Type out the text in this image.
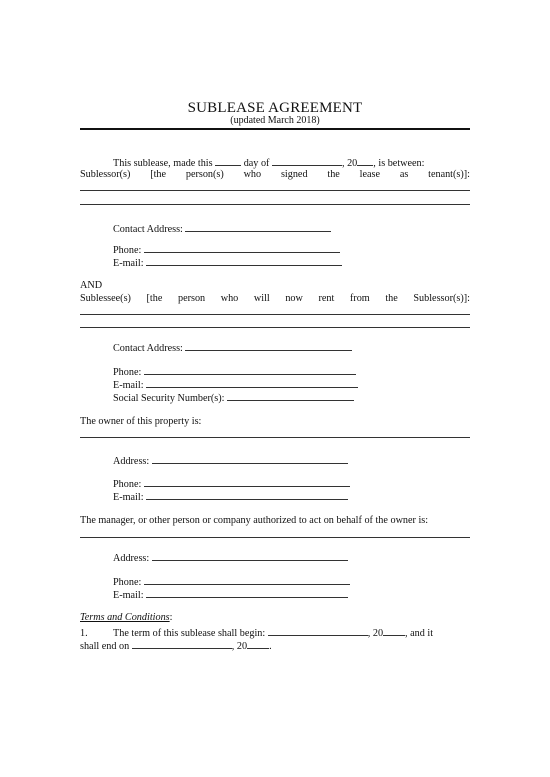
SUBLEASE AGREEMENT
(updated March 2018)
This sublease, made this	day of	, 20 , is between:
Sublessor(s) [the person(s) who signed the lease as tenant(s)]:
Contact Address:
Phone:
E-mail:
AND
Sublessee(s) [the person who will now rent from the Sublessor(s)]:
Contact Address:
Phone:
E-mail:
Social Security Number(s):
The owner of this property is:
Address:
Phone:
E-mail:
The manager, or other person or company authorized to act on behalf of the owner is:
Address:
Phone:
E-mail:
Terms and Conditions:
1. The term of this sublease shall begin:	, 20 , and it
shall end on	, 20 .
